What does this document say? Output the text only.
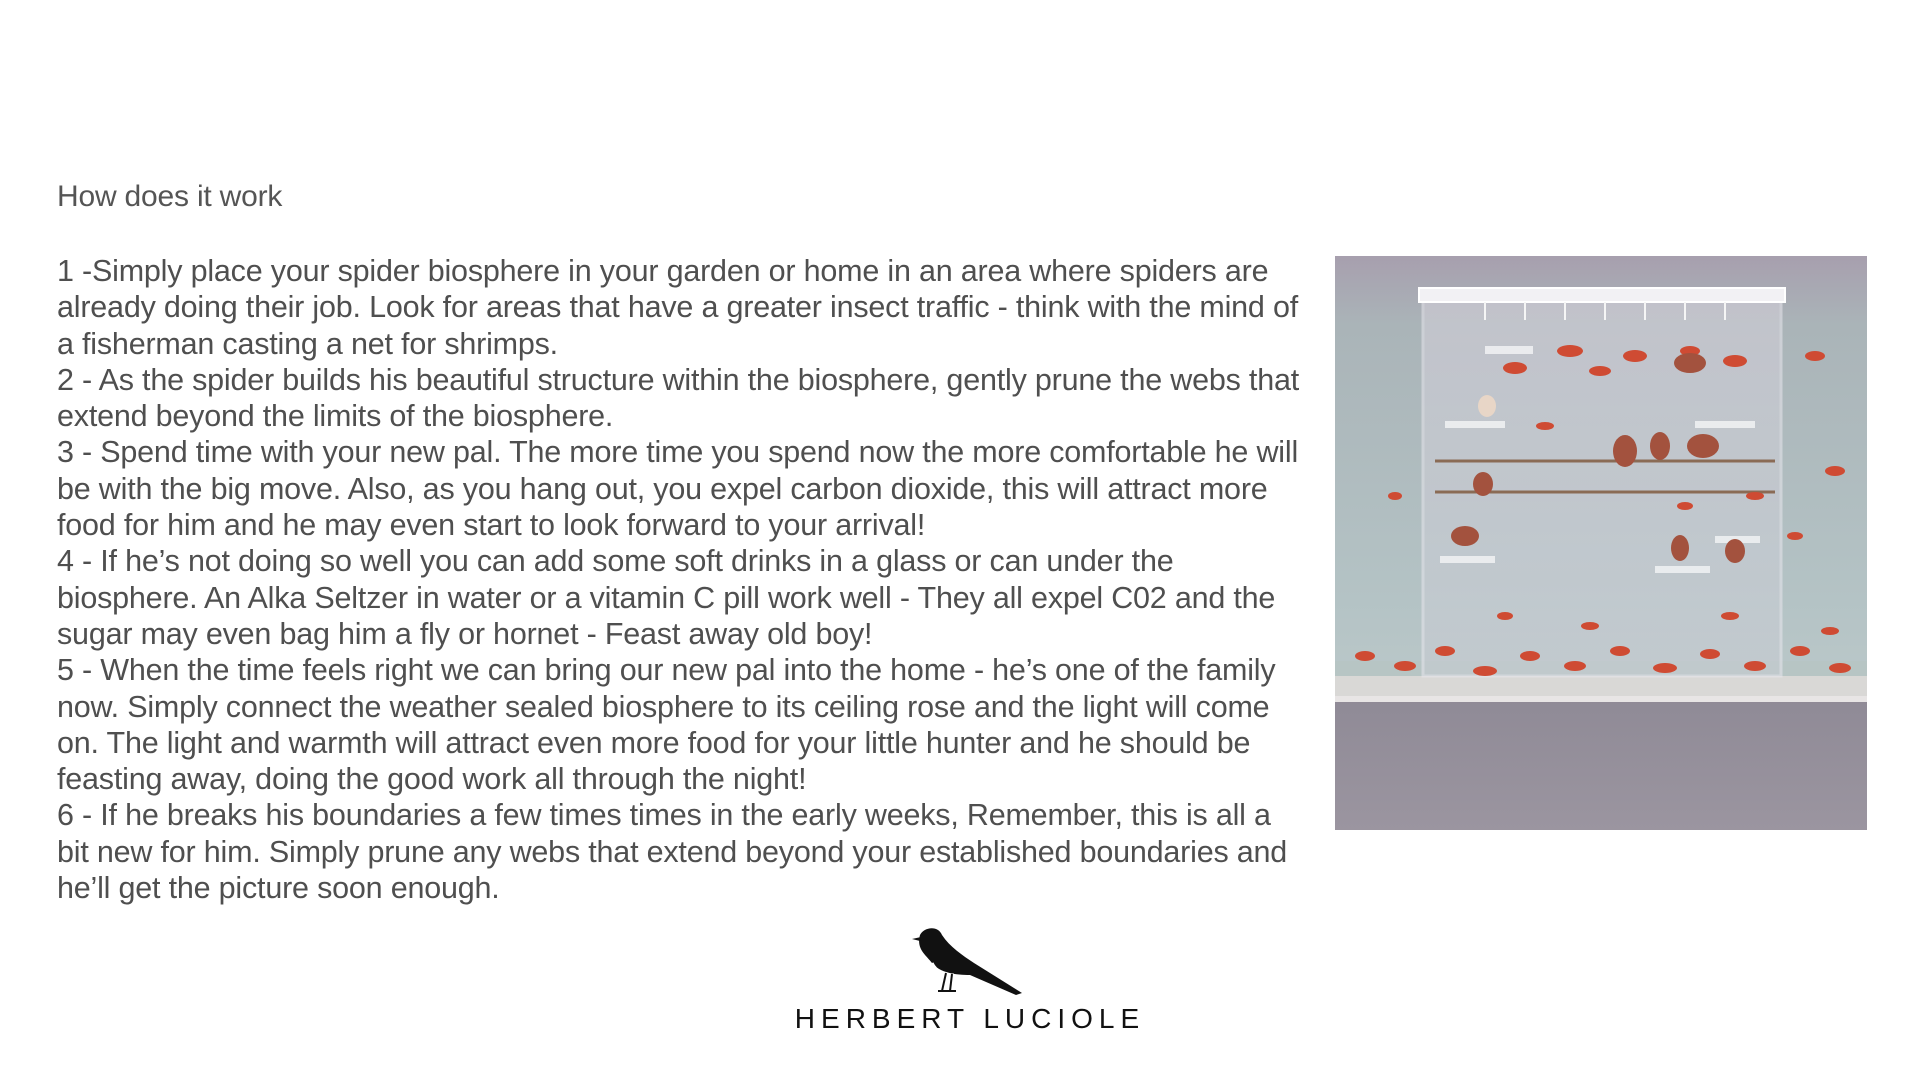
How does it work
1 -Simply place your spider biosphere in your garden or home in an area where spiders are already doing their job. Look for areas that have a greater insect traffic - think with the mind of a fisherman casting a net for shrimps.
2 - As the spider builds his beautiful structure within the biosphere, gently prune the webs that extend beyond the limits of the biosphere.
3 - Spend time with your new pal. The more time you spend now the more comfortable he will be with the big move. Also, as you hang out, you expel carbon dioxide, this will attract more food for him and he may even start to look forward to your arrival!
4 - If he’s not doing so well you can add some soft drinks in a glass or can under the biosphere. An Alka Seltzer in water or a vitamin C pill work well - They all expel C02 and the sugar may even bag him a fly or hornet - Feast away old boy!
5 - When the time feels right we can bring our new pal into the home - he’s one of the family now. Simply connect the weather sealed biosphere to its ceiling rose and the light will come on. The light and warmth will attract even more food for your little hunter and he should be feasting away, doing the good work all through the night!
6 - If he breaks his boundaries a few times times in the early weeks, Remember, this is all a bit new for him. Simply prune any webs that extend beyond your established boundaries and he’ll get the picture soon enough.
HERBERT LUCIOLE
